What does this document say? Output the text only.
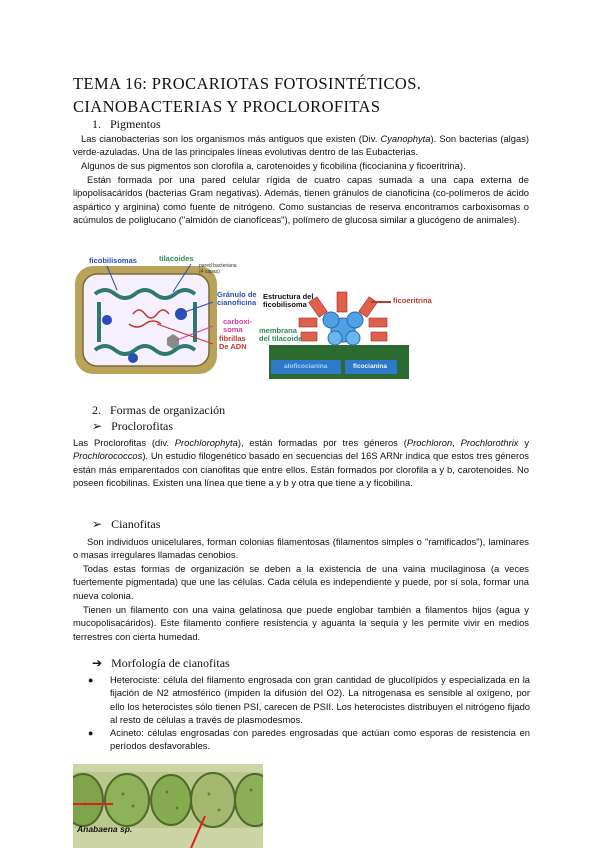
TEMA 16: PROCARIOTAS FOTOSINTÉTICOS. CIANOBACTERIAS Y PROCLOROFITAS
1. Pigmentos

Las cianobacterias son los organismos más antiguos que existen (Div. Cyanophyta). Son bacterias (algas) verde-azuladas. Una de las principales líneas evolutivas dentro de las Eubacterias.

Algunos de sus pigmentos son clorofila a, carotenoides y ficobilina (ficocianina y ficoeritrina).

Están formada por una pared celular rígida de cuatro capas sumada a una capa externa de lipopolisacáridos (bacterias Gram negativas). Además, tienen gránulos de cianoficina (co-polímeros de ácido aspártico y arginina) como fuente de nitrógeno. Como sustancias de reserva encontramos carboxisomas o acúmulos de poliglucano ("almidón de cianofíceas"), polímero de glucosa similar a glucógeno de animales).

ficobilisomas	tilacoides
pared bacteriana
(4 capas)
Gránulo de
cianoficina
carboxi-
soma
fibrillas
De ADN
Estructura del
ficobilisoma	ficoeritrina
membrana
del tilacoide
aloficocianina	ficocianina
2. Formas de organización
➢ Proclorofitas

Las Proclorofitas (div. Prochlorophyta), están formadas por tres géneros (Prochloron, Prochlorothrix y Prochlorococcos). Un estudio filogenético basado en secuencias del 16S ARNr indica que estos tres géneros están más emparentados con cianofitas que entre ellos. Están formados por clorofila a y b, carotenoides. No poseen ficobilinas. Existen una línea que tiene a y b y otra que tiene a y ficobilina.

➢ Cianofitas

Son individuos unicelulares, forman colonias filamentosas (filamentos simples o "ramificados"), laminares o masas irregulares llamadas cenobios.

Todas estas formas de organización se deben a la existencia de una vaina mucilaginosa (a veces fuertemente pigmentada) que une las células. Cada célula es independiente y puede, por sí sola, formar una nueva colonia.

Tienen un filamento con una vaina gelatinosa que puede englobar también a filamentos hijos (agua y mucopolisacáridos). Este filamento confiere resistencia y aguanta la sequía y les permite vivir en medios terrestres con cierta humedad.

➔ Morfología de cianofitas
● Heterociste: célula del filamento engrosada con gran cantidad de glucolípidos y especializada en la fijación de N2 atmosférico (impiden la difusión del O2). La nitrogenasa es sensible al oxígeno, por ello los heterocistes sólo tienen PSI, carecen de PSII. Los heterocistes distribuyen el nitrógeno fijado al resto de células a través de plasmodesmos.

● Acineto: células engrosadas con paredes engrosadas que actúan como esporas de resistencia en períodos desfavorables.

Anabaena sp.
